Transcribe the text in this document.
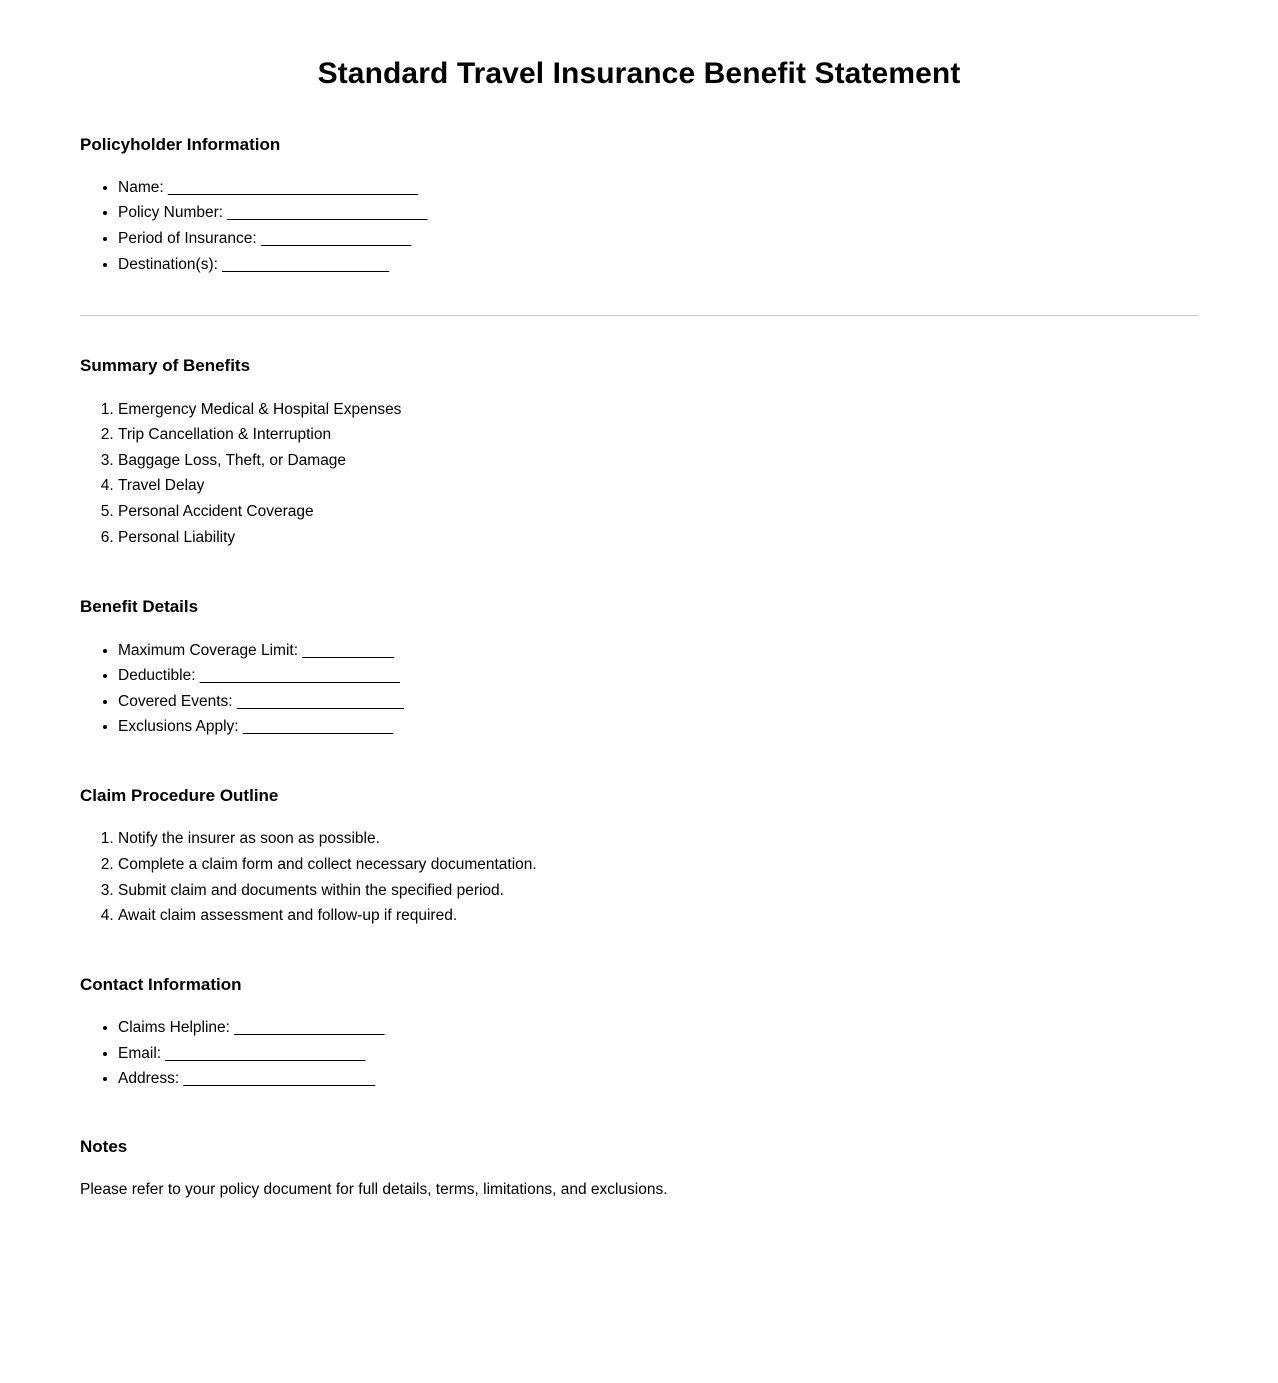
Standard Travel Insurance Benefit Statement
Policyholder Information
• Name: ______________________________
• Policy Number: ________________________
• Period of Insurance: __________________
• Destination(s): ____________________
Summary of Benefits
1. Emergency Medical & Hospital Expenses
2. Trip Cancellation & Interruption
3. Baggage Loss, Theft, or Damage
4. Travel Delay
5. Personal Accident Coverage
6. Personal Liability
Benefit Details
• Maximum Coverage Limit: ___________
• Deductible: ________________________
• Covered Events: ____________________
• Exclusions Apply: __________________
Claim Procedure Outline
1. Notify the insurer as soon as possible.
2. Complete a claim form and collect necessary documentation.
3. Submit claim and documents within the specified period.
4. Await claim assessment and follow-up if required.
Contact Information
• Claims Helpline: __________________
• Email: ________________________
• Address: _______________________
Notes

Please refer to your policy document for full details, terms, limitations, and exclusions.
